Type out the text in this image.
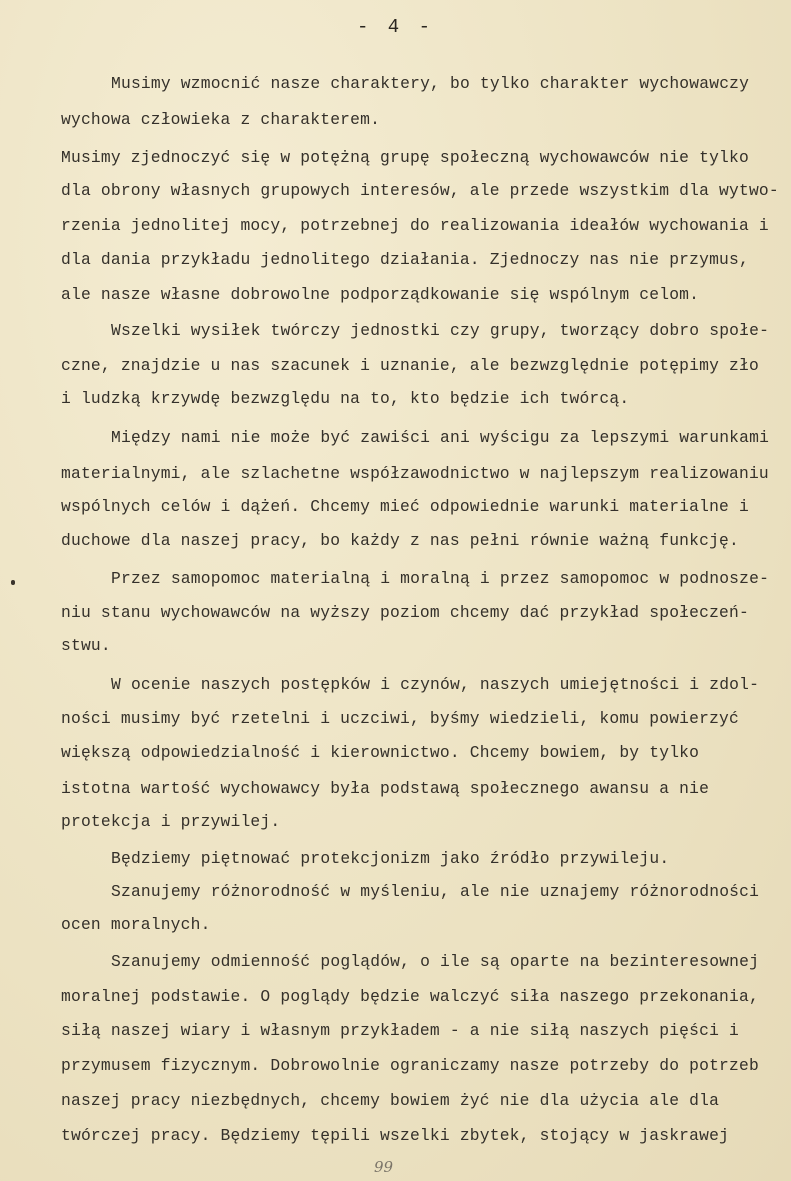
- 4 -
Musimy wzmocnić nasze charaktery, bo tylko charakter wychowawczy
wychowa człowieka z charakterem.
Musimy zjednoczyć się w potężną grupę społeczną wychowawców nie tylko
dla obrony własnych grupowych interesów, ale przede wszystkim dla wytwo-
rzenia jednolitej mocy, potrzebnej do realizowania ideałów wychowania i
dla dania przykładu jednolitego działania. Zjednoczy nas nie przymus,
ale nasze własne dobrowolne podporządkowanie się wspólnym celom.
Wszelki wysiłek twórczy jednostki czy grupy, tworzący dobro społe-
czne, znajdzie u nas szacunek i uznanie, ale bezwzględnie potępimy zło
i ludzką krzywdę bezwzględu na to, kto będzie ich twórcą.
Między nami nie może być zawiści ani wyścigu za lepszymi warunkami
materialnymi, ale szlachetne współzawodnictwo w najlepszym realizowaniu
wspólnych celów i dążeń. Chcemy mieć odpowiednie warunki materialne i
duchowe dla naszej pracy, bo każdy z nas pełni równie ważną funkcję.
Przez samopomoc materialną i moralną i przez samopomoc w podnosze-
niu stanu wychowawców na wyższy poziom chcemy dać przykład społeczeń-
stwu.
W ocenie naszych postępków i czynów, naszych umiejętności i zdol-
ności musimy być rzetelni i uczciwi, byśmy wiedzieli, komu powierzyć
większą odpowiedzialność i kierownictwo. Chcemy bowiem, by tylko
istotna wartość wychowawcy była podstawą społecznego awansu a nie
protekcja i przywilej.
Będziemy piętnować protekcjonizm jako źródło przywileju.
Szanujemy różnorodność w myśleniu, ale nie uznajemy różnorodności
ocen moralnych.
Szanujemy odmienność poglądów, o ile są oparte na bezinteresownej
moralnej podstawie. O poglądy będzie walczyć siła naszego przekonania,
siłą naszej wiary i własnym przykładem - a nie siłą naszych pięści i
przymusem fizycznym. Dobrowolnie ograniczamy nasze potrzeby do potrzeb
naszej pracy niezbędnych, chcemy bowiem żyć nie dla użycia ale dla
twórczej pracy. Będziemy tępili wszelki zbytek, stojący w jaskrawej
99
